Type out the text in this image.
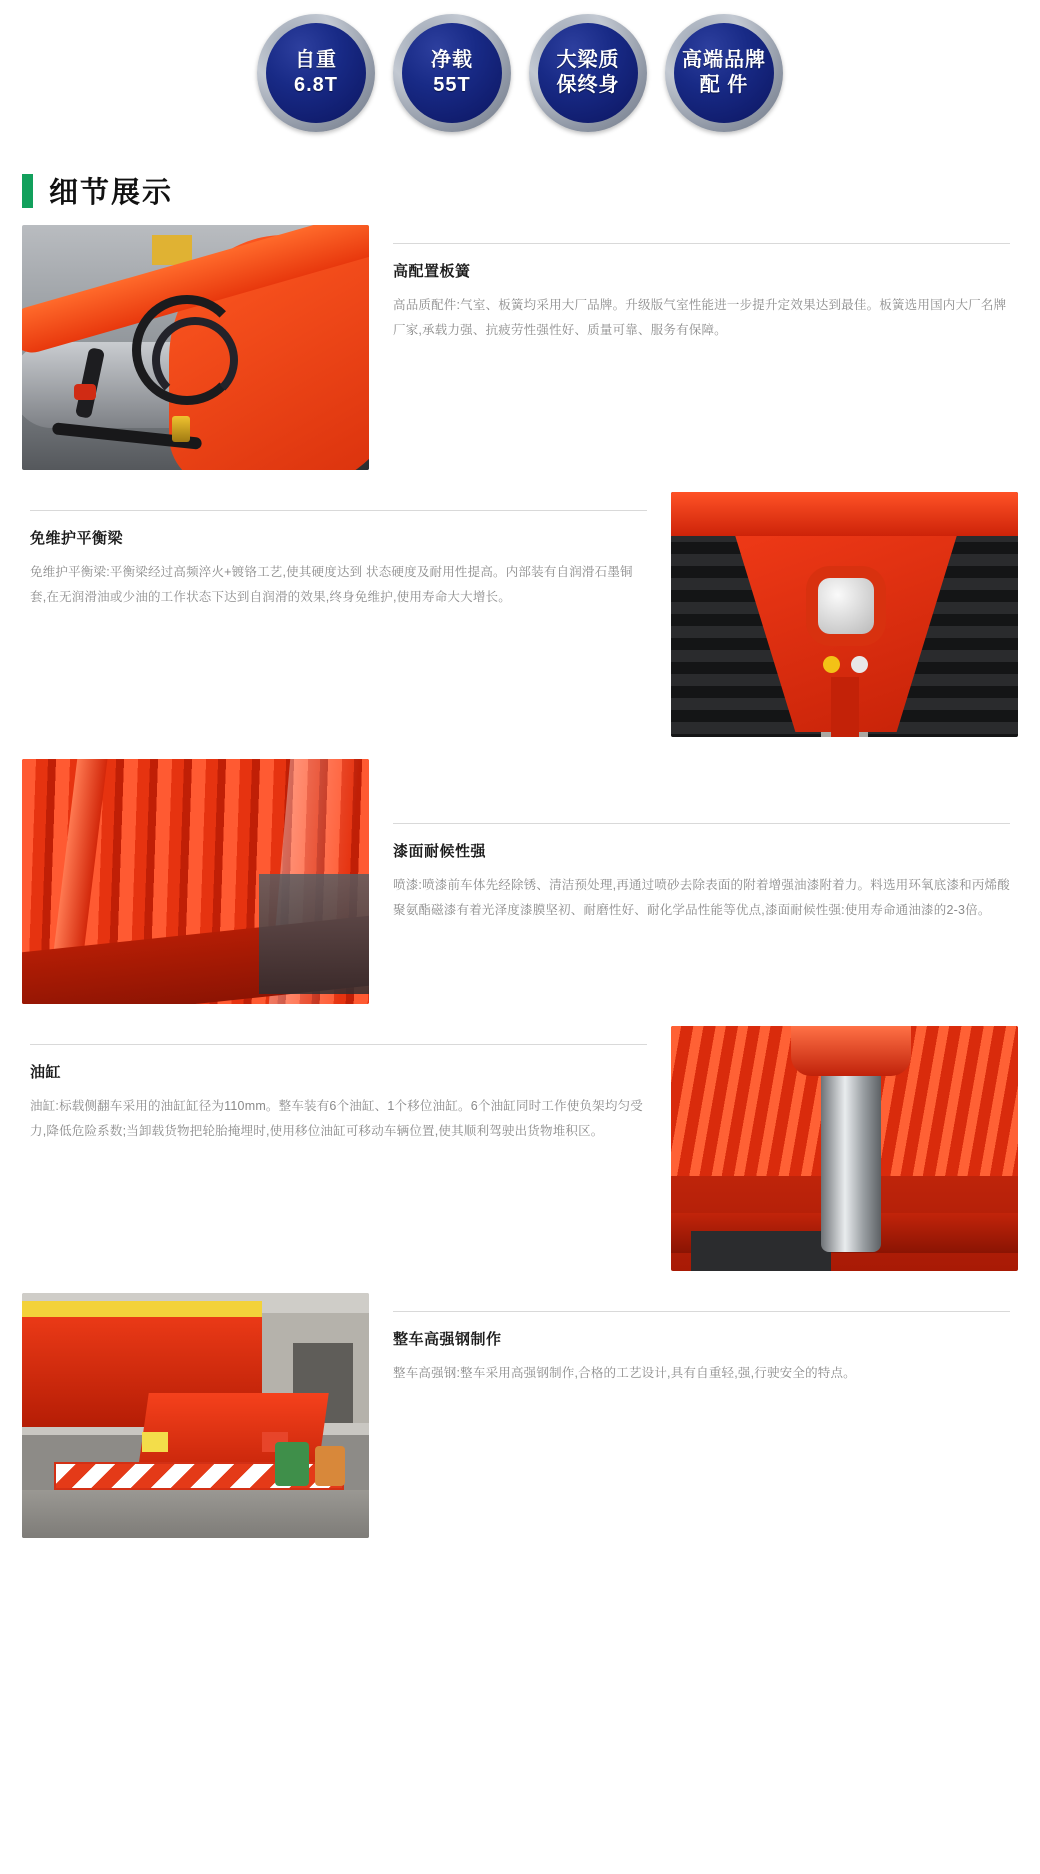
自重
6.8T
净载
55T
大梁质
保终身
高端品牌
配 件
细节展示
高配置板簧
高品质配件:气室、板簧均采用大厂品牌。升级版气室性能进一步提升定效果达到最佳。板簧选用国内大厂名牌厂家,承载力强、抗疲劳性强性好、质量可靠、服务有保障。
免维护平衡梁
免维护平衡梁:平衡梁经过高频淬火+镀铬工艺,使其硬度达到 状态硬度及耐用性提高。内部装有自润滑石墨铜套,在无润滑油或少油的工作状态下达到自润滑的效果,终身免维护,使用寿命大大增长。
漆面耐候性强
喷漆:喷漆前车体先经除锈、清洁预处理,再通过喷砂去除表面的附着增强油漆附着力。料选用环氧底漆和丙烯酸聚氨酯磁漆有着光泽度漆膜坚初、耐磨性好、耐化学品性能等优点,漆面耐候性强:使用寿命通油漆的2-3倍。
油缸
油缸:标载侧翻车采用的油缸缸径为110mm。整车装有6个油缸、1个移位油缸。6个油缸同时工作使负架均匀受力,降低危险系数;当卸载货物把轮胎掩埋时,使用移位油缸可移动车辆位置,使其顺利驾驶出货物堆积区。
整车高强钢制作
整车高强钢:整车采用高强钢制作,合格的工艺设计,具有自重轻,强,行驶安全的特点。
